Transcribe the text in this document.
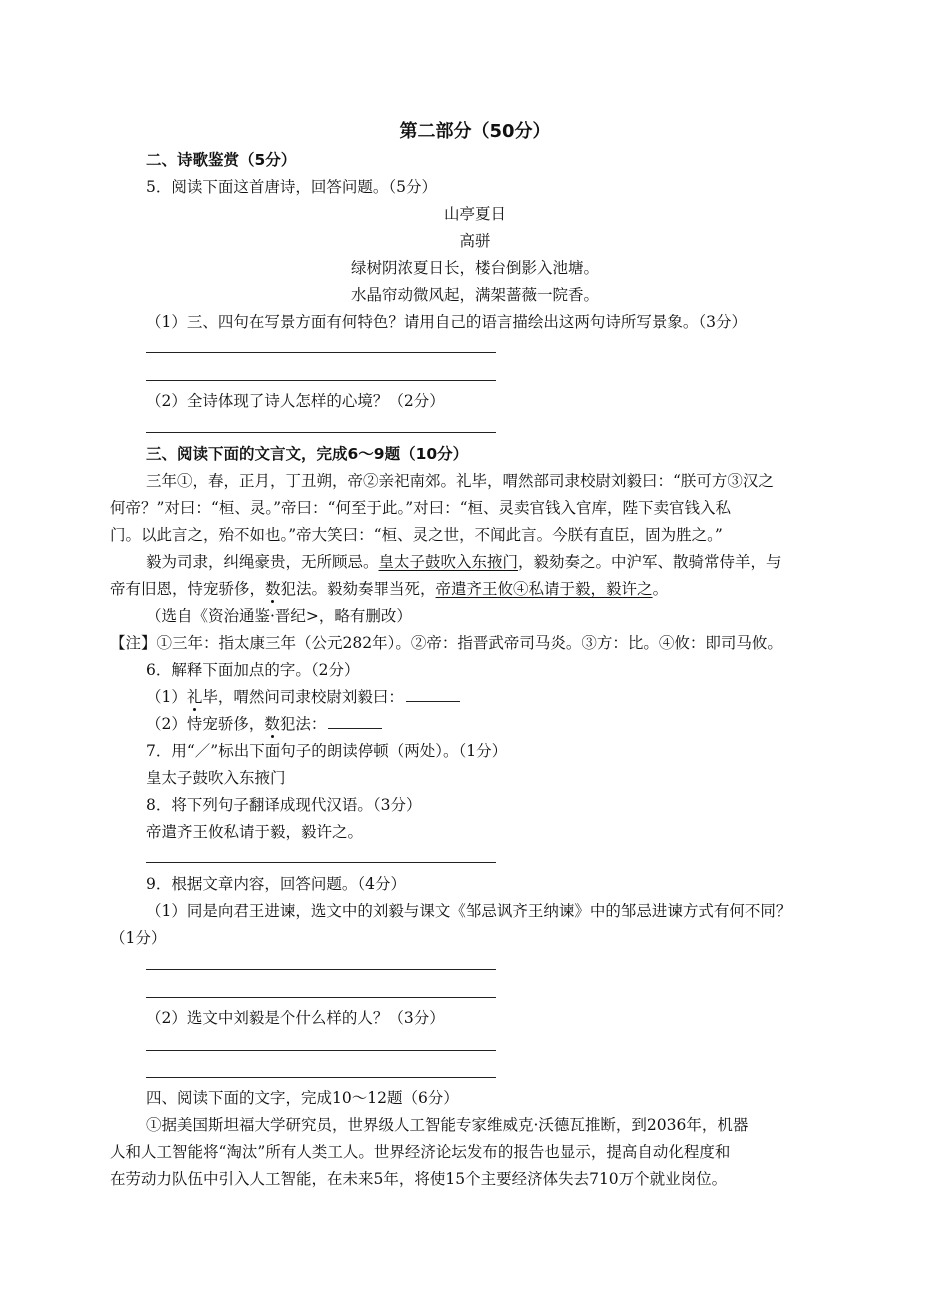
第二部分（50分）
二、诗歌鉴赏（5分）
5．阅读下面这首唐诗，回答问题。（5分）
山亭夏日
高骈
绿树阴浓夏日长，楼台倒影入池塘。
水晶帘动微风起，满架蔷薇一院香。
（1）三、四句在写景方面有何特色？请用自己的语言描绘出这两句诗所写景象。（3分）
（2）全诗体现了诗人怎样的心境？（2分）
三、阅读下面的文言文，完成6～9题（10分）
三年①，春，正月，丁丑朔，帝②亲祀南郊。礼毕，喟然部司隶校尉刘毅曰：“朕可方③汉之
何帝？”对曰：“桓、灵。”帝曰：“何至于此。”对曰：“桓、灵卖官钱入官库，陛下卖官钱入私
门。以此言之，殆不如也。”帝大笑曰：“桓、灵之世，不闻此言。今朕有直臣，固为胜之。”
毅为司隶，纠绳豪贵，无所顾忌。皇太子鼓吹入东掖门，毅劾奏之。中沪军、散骑常侍羊，与
帝有旧恩，恃宠骄侈，数犯法。毅劾奏罪当死，帝遣齐王攸④私请于毅，毅许之。
（选自《资治通鉴·晋纪>，略有删改）
【注】①三年：指太康三年（公元282年）。②帝：指晋武帝司马炎。③方：比。④攸：即司马攸。
6．解释下面加点的字。（2分）
（1）礼毕，喟然问司隶校尉刘毅曰：
（2）恃宠骄侈，数犯法：
7．用“／”标出下面句子的朗读停顿（两处）。（1分）
皇太子鼓吹入东掖门
8．将下列句子翻译成现代汉语。（3分）
帝遣齐王攸私请于毅，毅许之。
9．根据文章内容，回答问题。（4分）
（1）同是向君王进谏，选文中的刘毅与课文《邹忌讽齐王纳谏》中的邹忌进谏方式有何不同？
（1分）
（2）选文中刘毅是个什么样的人？（3分）
四、阅读下面的文字，完成10～12题（6分）
①据美国斯坦福大学研究员，世界级人工智能专家维威克·沃德瓦推断，到2036年，机器
人和人工智能将“淘汰”所有人类工人。世界经济论坛发布的报告也显示，提高自动化程度和
在劳动力队伍中引入人工智能，在未来5年，将使15个主要经济体失去710万个就业岗位。
